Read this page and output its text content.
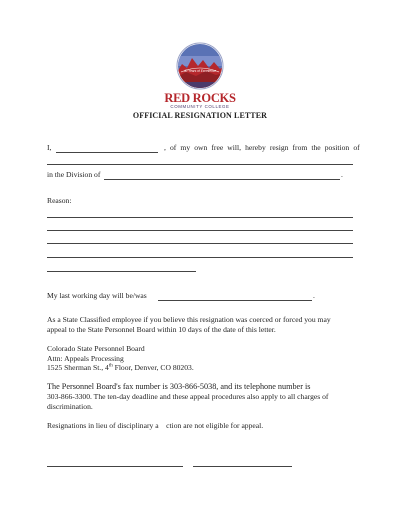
40 Years of Excellence
RED ROCKS
COMMUNITY COLLEGE
OFFICIAL RESIGNATION LETTER
I,	, of my own free will, hereby resign from the position of
in the Division of	.
Reason:
My last working day will be/was	.
As a State Classified employee if you believe this resignation was coerced or forced you may
appeal to the State Personnel Board within 10 days of the date of this letter.
Colorado State Personnel Board
Attn: Appeals Processing
1525 Sherman St., 4th Floor, Denver, CO 80203.
The Personnel Board's fax number is 303-866-5038, and its telephone number is
303-866-3300. The ten-day deadline and these appeal procedures also apply to all charges of
discrimination.
Resignations in lieu of disciplinary a    ction are not eligible for appeal.
